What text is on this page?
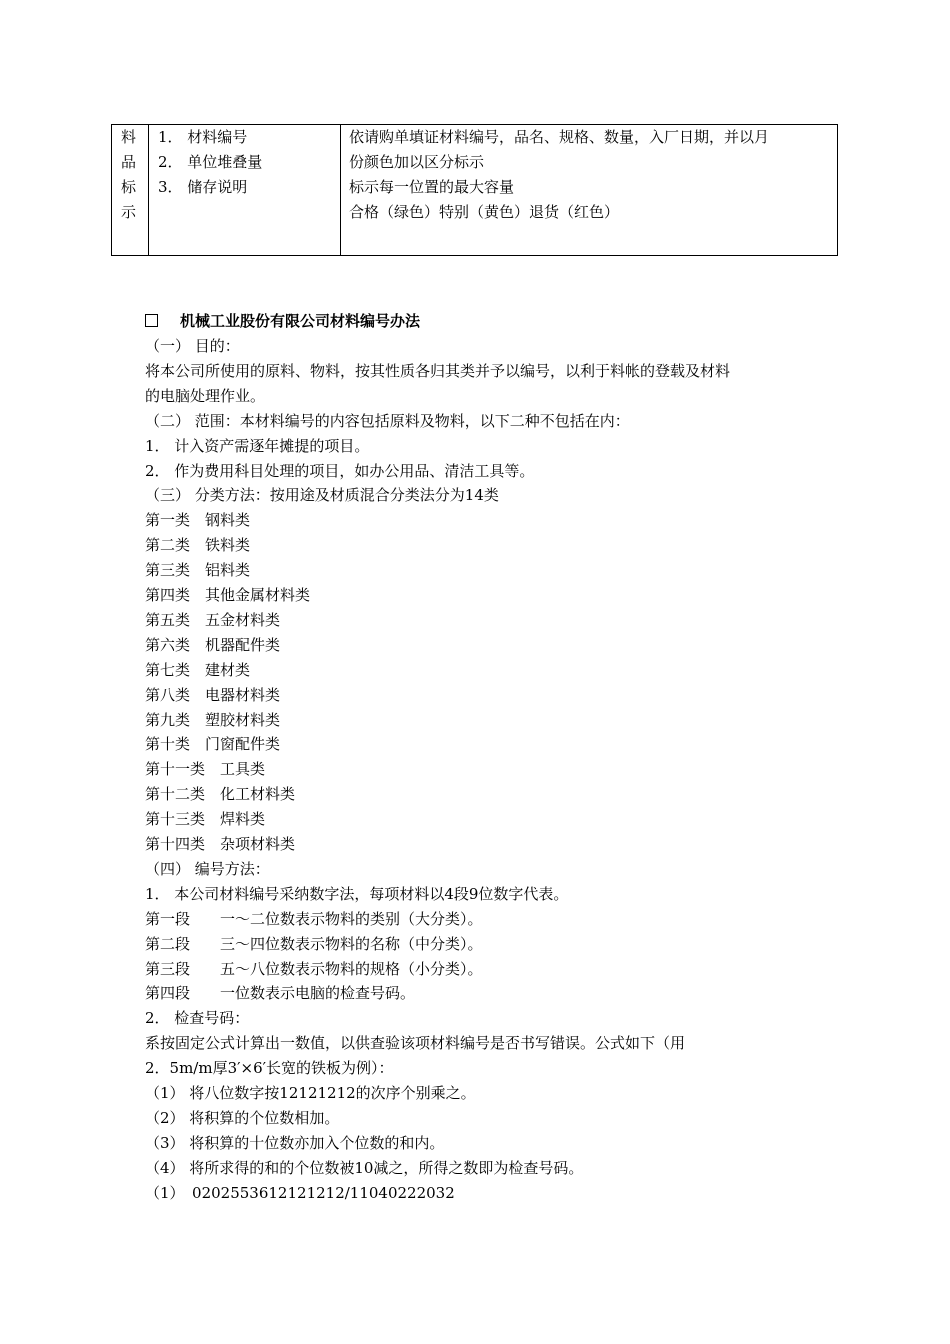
料
品
标
示
1． 材料编号
2． 单位堆叠量
3． 储存说明
依请购单填证材料编号，品名、规格、数量，入厂日期，并以月
份颜色加以区分标示
标示每一位置的最大容量
合格（绿色）特别（黄色）退货（红色）
机械工业股份有限公司材料编号办法
（一） 目的：
将本公司所使用的原料、物料，按其性质各归其类并予以编号，以利于料帐的登载及材料
的电脑处理作业。
（二） 范围：本材料编号的内容包括原料及物料，以下二种不包括在内：
1． 计入资产需逐年摊提的项目。
2． 作为费用科目处理的项目，如办公用品、清洁工具等。
（三） 分类方法：按用途及材质混合分类法分为14类
第一类　钢料类
第二类　铁料类
第三类　铝料类
第四类　其他金属材料类
第五类　五金材料类
第六类　机器配件类
第七类　建材类
第八类　电器材料类
第九类　塑胶材料类
第十类　门窗配件类
第十一类　工具类
第十二类　化工材料类
第十三类　焊料类
第十四类　杂项材料类
（四） 编号方法：
1． 本公司材料编号采纳数字法，每项材料以4段9位数字代表。
第一段　　一～二位数表示物料的类别（大分类）。
第二段　　三～四位数表示物料的名称（中分类）。
第三段　　五～八位数表示物料的规格（小分类）。
第四段　　一位数表示电脑的检查号码。
2． 检查号码：
系按固定公式计算出一数值，以供查验该项材料编号是否书写错误。公式如下（用
2．5m/m厚3′×6′长宽的铁板为例）：
（1） 将八位数字按12121212的次序个别乘之。
（2） 将积算的个位数相加。
（3） 将积算的十位数亦加入个位数的和内。
（4） 将所求得的和的个位数被10减之，所得之数即为检查号码。
（1）　0202553612121212/11040222032
